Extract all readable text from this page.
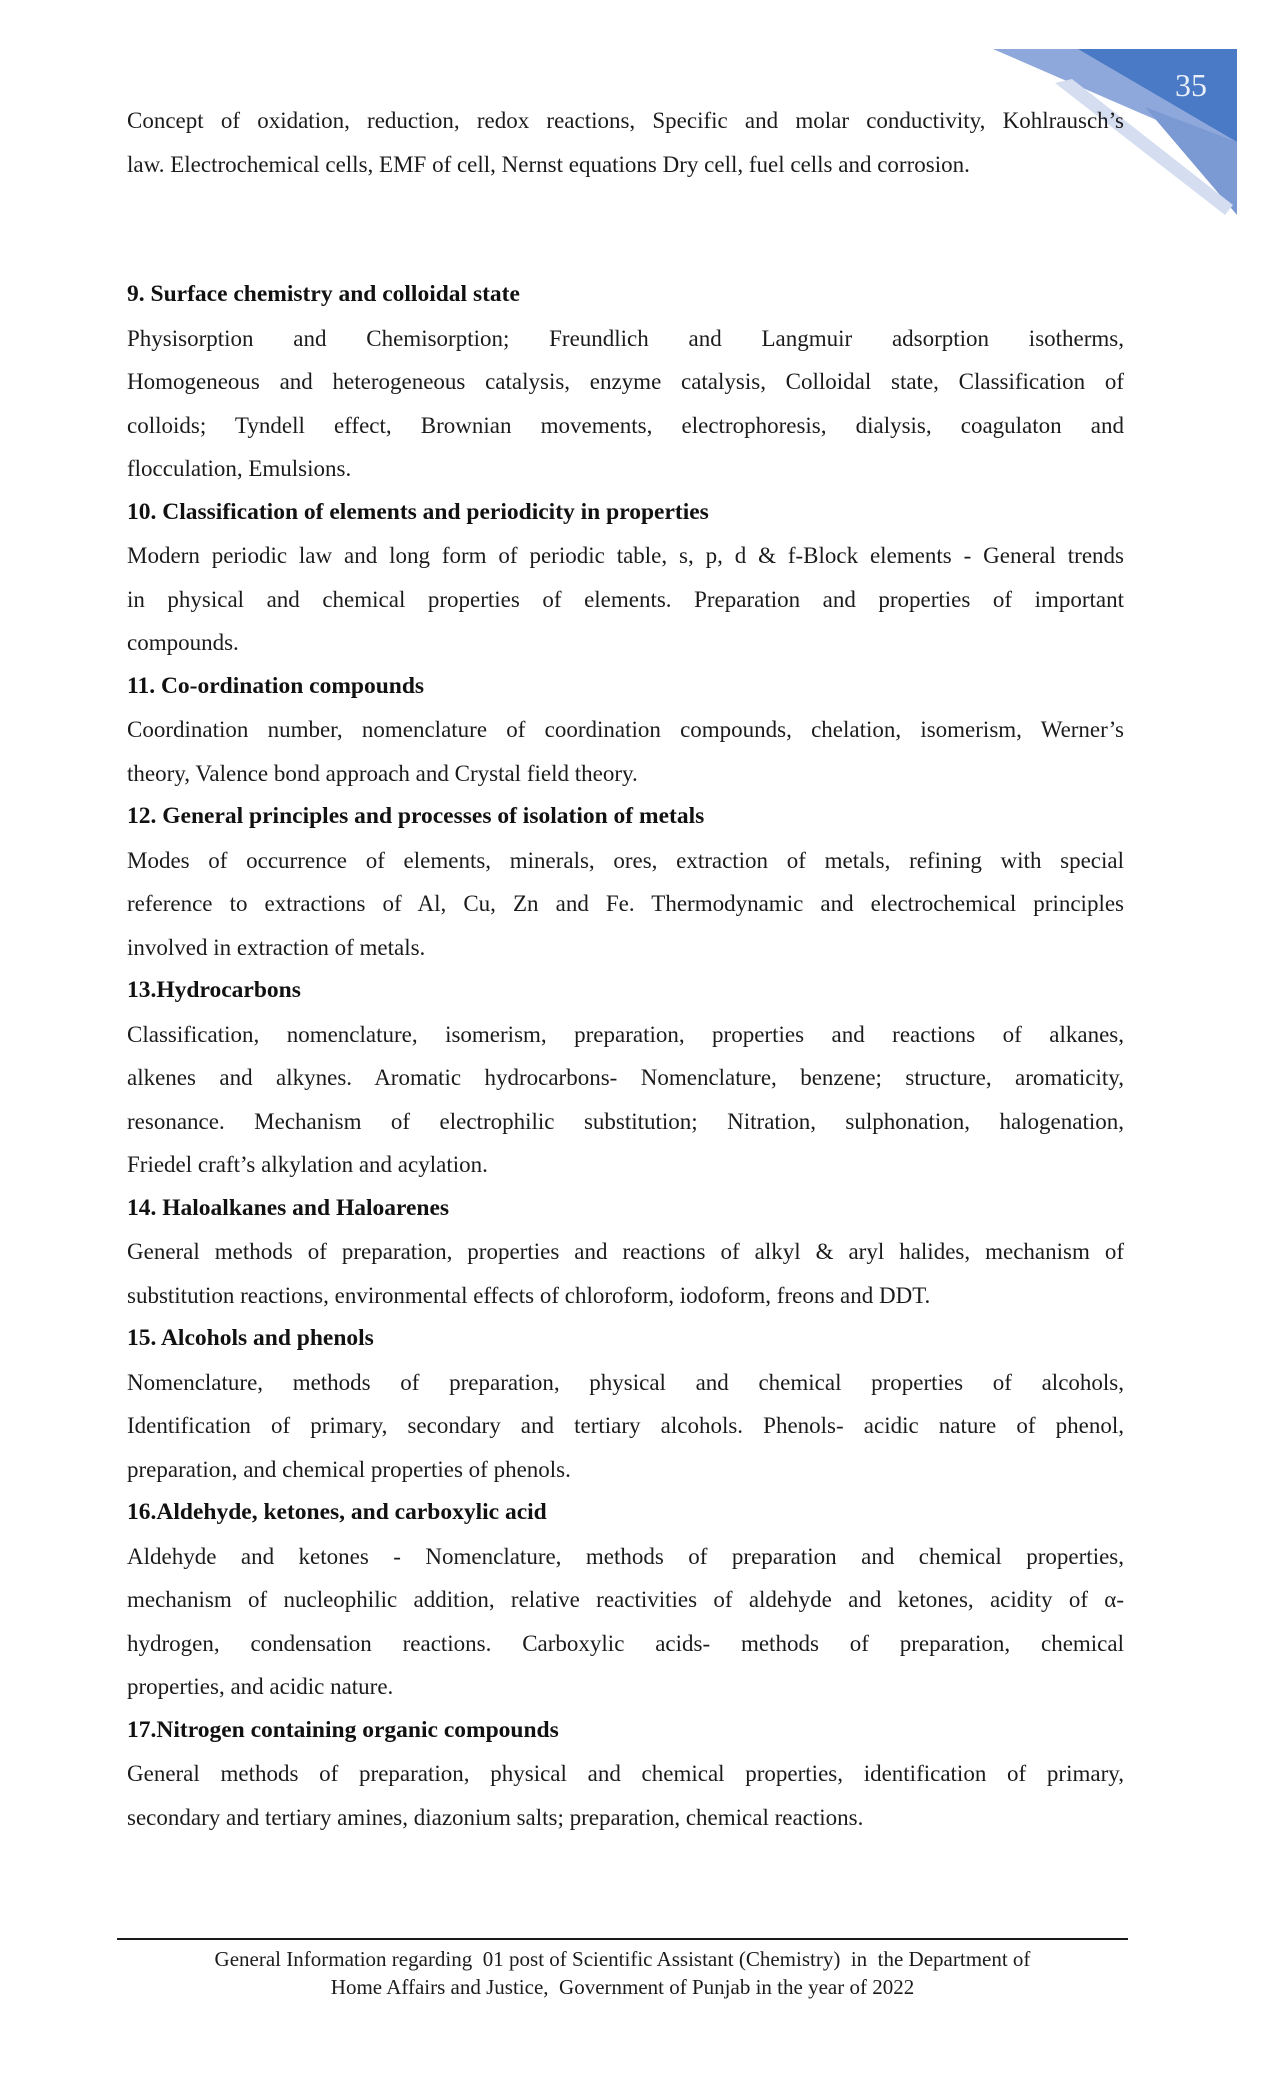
35
Concept of oxidation, reduction, redox reactions, Specific and molar conductivity, Kohlrausch’s
law. Electrochemical cells, EMF of cell, Nernst equations Dry cell, fuel cells and corrosion.
9. Surface chemistry and colloidal state
Physisorption and Chemisorption; Freundlich and Langmuir adsorption isotherms,
Homogeneous and heterogeneous catalysis, enzyme catalysis, Colloidal state, Classification of
colloids; Tyndell effect, Brownian movements, electrophoresis, dialysis, coagulaton and
flocculation, Emulsions.
10. Classification of elements and periodicity in properties
Modern periodic law and long form of periodic table, s, p, d & f-Block elements - General trends
in physical and chemical properties of elements. Preparation and properties of important
compounds.
11. Co-ordination compounds
Coordination number, nomenclature of coordination compounds, chelation, isomerism, Werner’s
theory, Valence bond approach and Crystal field theory.
12. General principles and processes of isolation of metals
Modes of occurrence of elements, minerals, ores, extraction of metals, refining with special
reference to extractions of Al, Cu, Zn and Fe. Thermodynamic and electrochemical principles
involved in extraction of metals.
13.Hydrocarbons
Classification, nomenclature, isomerism, preparation, properties and reactions of alkanes,
alkenes and alkynes. Aromatic hydrocarbons- Nomenclature, benzene; structure, aromaticity,
resonance. Mechanism of electrophilic substitution; Nitration, sulphonation, halogenation,
Friedel craft’s alkylation and acylation.
14. Haloalkanes and Haloarenes
General methods of preparation, properties and reactions of alkyl & aryl halides, mechanism of
substitution reactions, environmental effects of chloroform, iodoform, freons and DDT.
15. Alcohols and phenols
Nomenclature, methods of preparation, physical and chemical properties of alcohols,
Identification of primary, secondary and tertiary alcohols. Phenols- acidic nature of phenol,
preparation, and chemical properties of phenols.
16.Aldehyde, ketones, and carboxylic acid
Aldehyde and ketones - Nomenclature, methods of preparation and chemical properties,
mechanism of nucleophilic addition, relative reactivities of aldehyde and ketones, acidity of α-
hydrogen, condensation reactions. Carboxylic acids- methods of preparation, chemical
properties, and acidic nature.
17.Nitrogen containing organic compounds
General methods of preparation, physical and chemical properties, identification of primary,
secondary and tertiary amines, diazonium salts; preparation, chemical reactions.
General Information regarding  01 post of Scientific Assistant (Chemistry)  in  the Department of
Home Affairs and Justice,  Government of Punjab in the year of 2022
